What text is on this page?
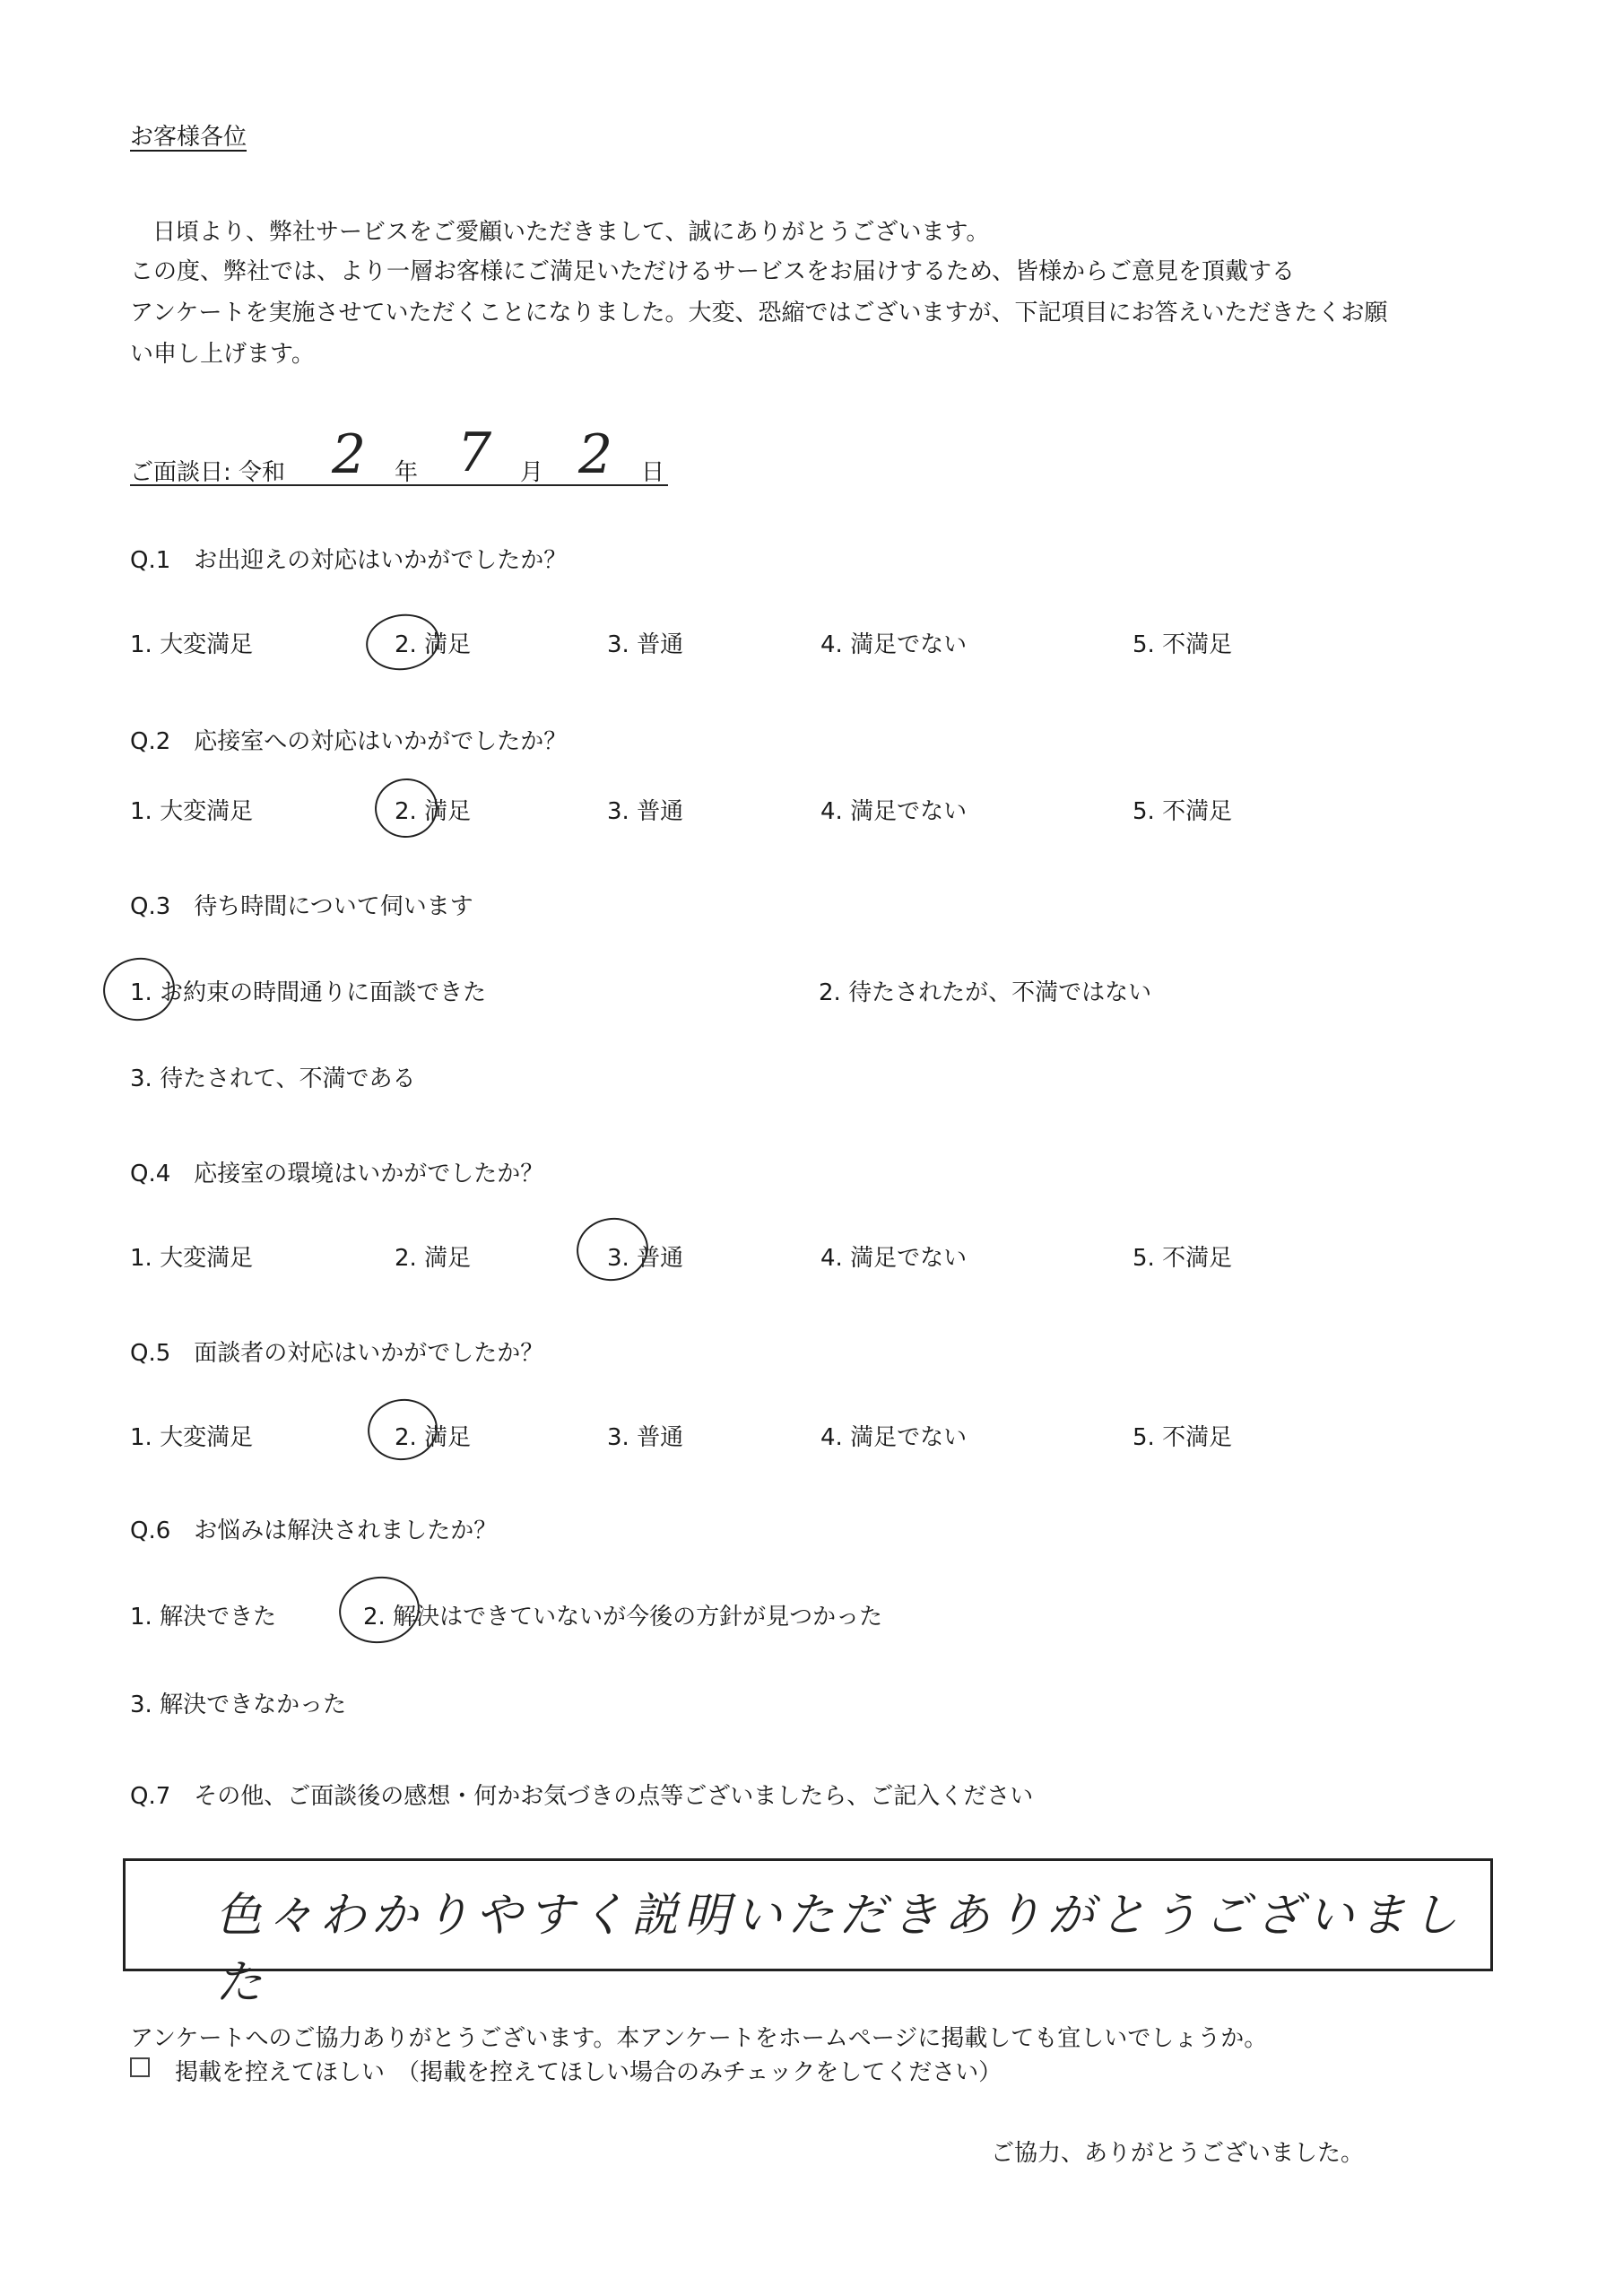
お客様各位
日頃より、弊社サービスをご愛顧いただきまして、誠にありがとうございます。
この度、弊社では、より一層お客様にご満足いただけるサービスをお届けするため、皆様からご意見を頂戴する
アンケートを実施させていただくことになりました。大変、恐縮ではございますが、下記項目にお答えいただきたくお願
い申し上げます。
ご面談日: 令和 2 年 7 月 2 日
Q.1　お出迎えの対応はいかがでしたか？
1. 大変満足	2. 満足	3. 普通	4. 満足でない	5. 不満足
Q.2　応接室への対応はいかがでしたか？
1. 大変満足	2. 満足	3. 普通	4. 満足でない	5. 不満足
Q.3　待ち時間について伺います
1. お約束の時間通りに面談できた	2. 待たされたが、不満ではない
3. 待たされて、不満である
Q.4　応接室の環境はいかがでしたか？
1. 大変満足	2. 満足	3. 普通	4. 満足でない	5. 不満足
Q.5　面談者の対応はいかがでしたか？
1. 大変満足	2. 満足	3. 普通	4. 満足でない	5. 不満足
Q.6　お悩みは解決されましたか？
1. 解決できた	2. 解決はできていないが今後の方針が見つかった
3. 解決できなかった
Q.7　その他、ご面談後の感想・何かお気づきの点等ございましたら、ご記入ください
色々わかりやすく説明いただきありがとうございました
アンケートへのご協力ありがとうございます。本アンケートをホームページに掲載しても宜しいでしょうか。
掲載を控えてほしい　（掲載を控えてほしい場合のみチェックをしてください）
ご協力、ありがとうございました。
